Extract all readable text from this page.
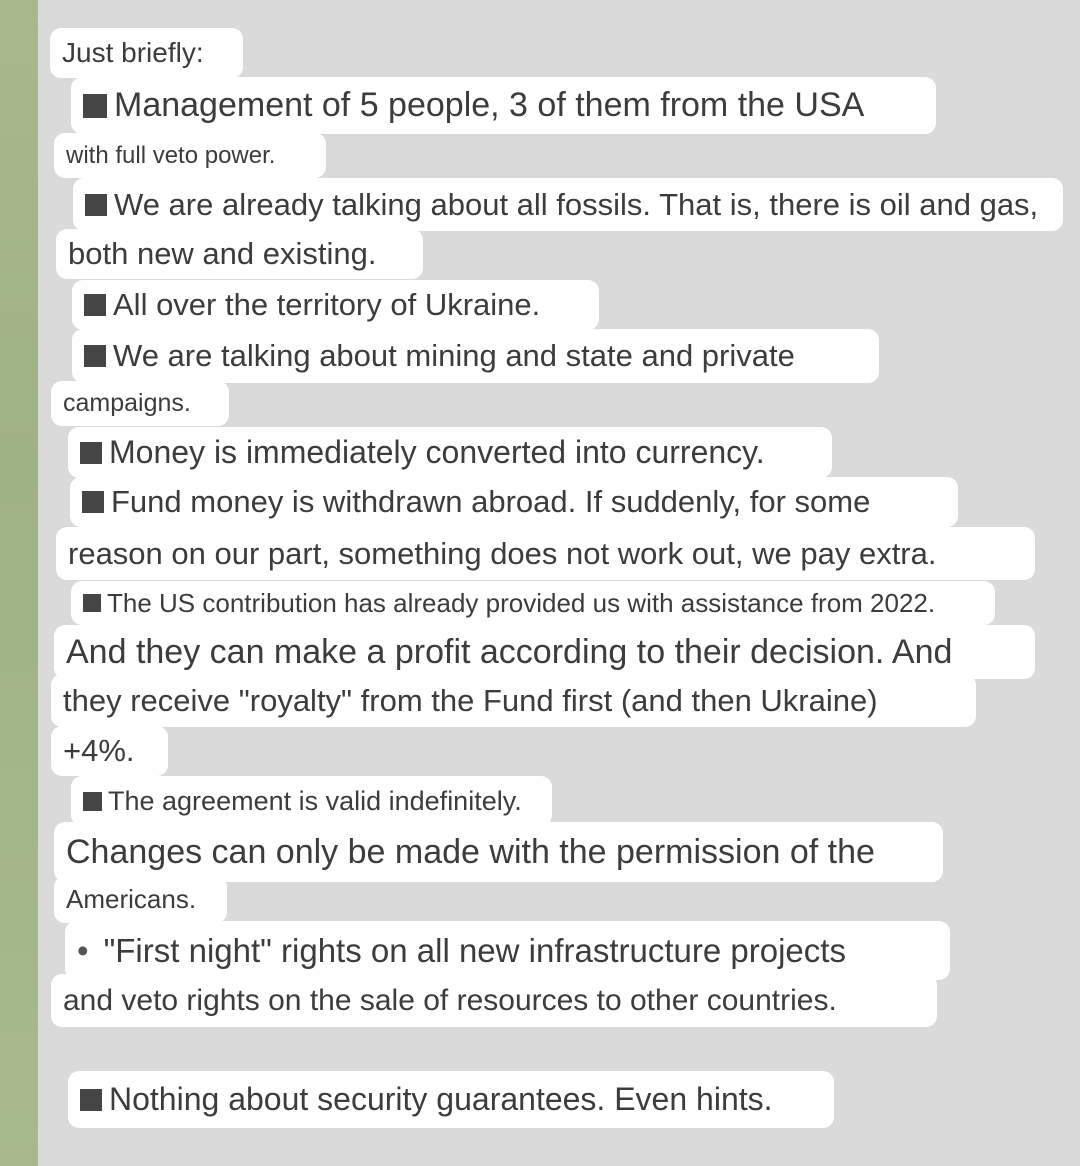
Just briefly:
Management of 5 people, 3 of them from the USA
with full veto power.
We are already talking about all fossils. That is, there is oil and gas,
both new and existing.
All over the territory of Ukraine.
We are talking about mining and state and private
campaigns.
Money is immediately converted into currency.
Fund money is withdrawn abroad. If suddenly, for some
reason on our part, something does not work out, we pay extra.
The US contribution has already provided us with assistance from 2022.
And they can make a profit according to their decision. And
they receive "royalty" from the Fund first (and then Ukraine)
+4%.
The agreement is valid indefinitely.
Changes can only be made with the permission of the
Americans.
• "First night" rights on all new infrastructure projects
and veto rights on the sale of resources to other countries.
Nothing about security guarantees. Even hints.
